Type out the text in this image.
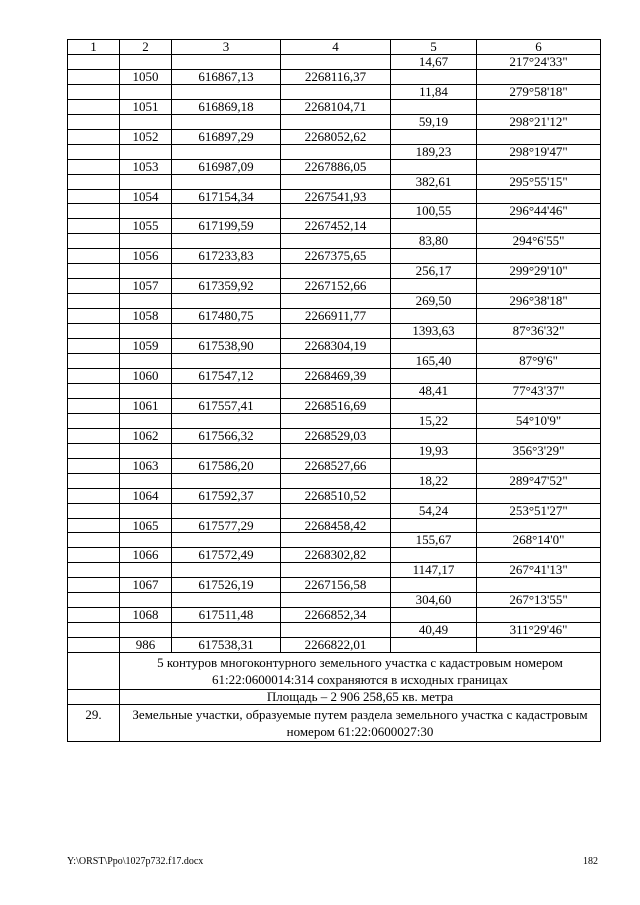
1	2	3	4	5	6
				14,67	217°24'33"
	1050	616867,13	2268116,37		
				11,84	279°58'18"
	1051	616869,18	2268104,71		
				59,19	298°21'12"
	1052	616897,29	2268052,62		
				189,23	298°19'47"
	1053	616987,09	2267886,05		
				382,61	295°55'15"
	1054	617154,34	2267541,93		
				100,55	296°44'46"
	1055	617199,59	2267452,14		
				83,80	294°6'55"
	1056	617233,83	2267375,65		
				256,17	299°29'10"
	1057	617359,92	2267152,66		
				269,50	296°38'18"
	1058	617480,75	2266911,77		
				1393,63	87°36'32"
	1059	617538,90	2268304,19		
				165,40	87°9'6"
	1060	617547,12	2268469,39		
				48,41	77°43'37"
	1061	617557,41	2268516,69		
				15,22	54°10'9"
	1062	617566,32	2268529,03		
				19,93	356°3'29"
	1063	617586,20	2268527,66		
				18,22	289°47'52"
	1064	617592,37	2268510,52		
				54,24	253°51'27"
	1065	617577,29	2268458,42		
				155,67	268°14'0"
	1066	617572,49	2268302,82		
				1147,17	267°41'13"
	1067	617526,19	2267156,58		
				304,60	267°13'55"
	1068	617511,48	2266852,34		
				40,49	311°29'46"
	986	617538,31	2266822,01		
	5 контуров многоконтурного земельного участка с кадастровым номером 61:22:0600014:314 сохраняются в исходных границах				
	Площадь – 2 906 258,65 кв. метра				
29.	Земельные участки, образуемые путем раздела земельного участка с кадастровым номером 61:22:0600027:30				
Y:\ORST\Ppo\1027p732.f17.docx	182
